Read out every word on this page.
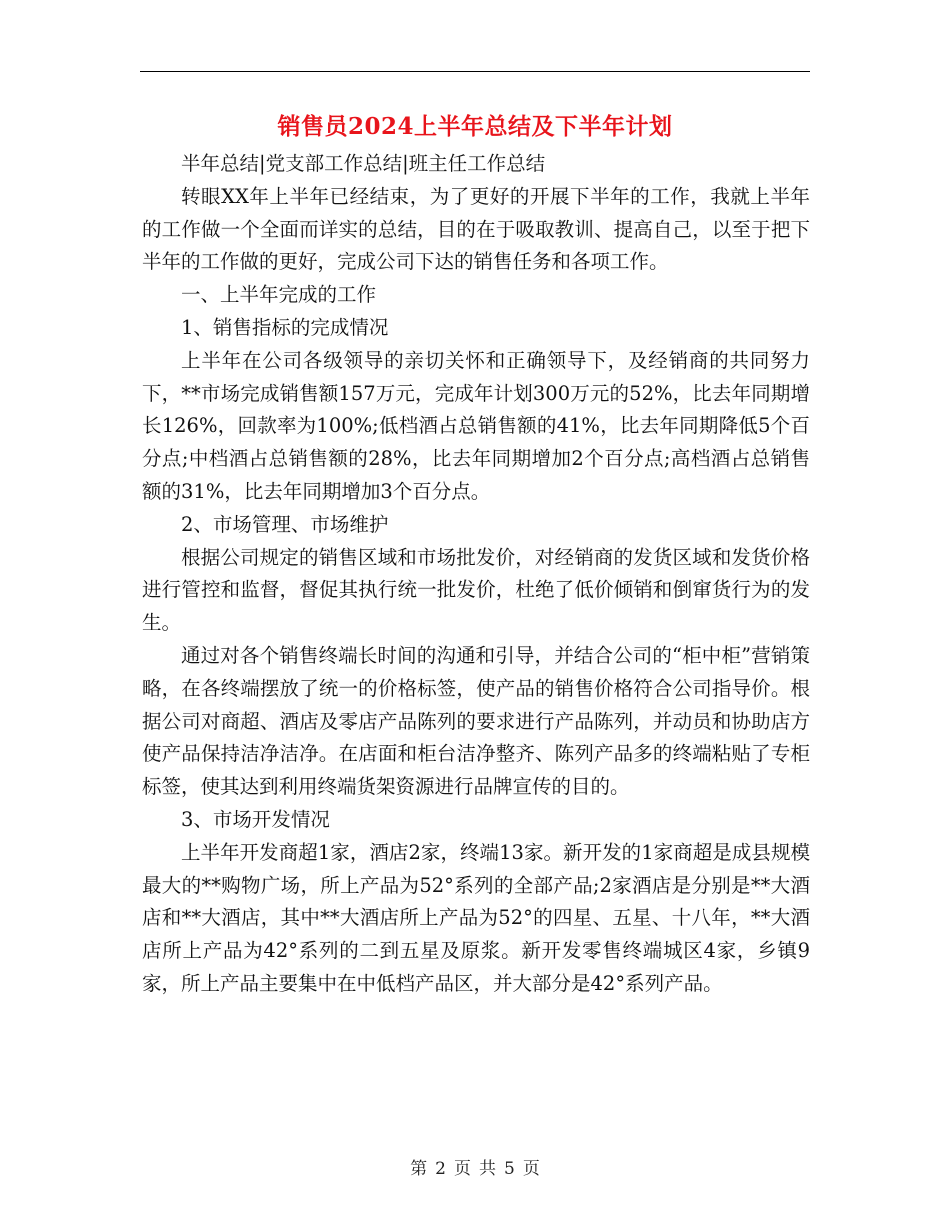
销售员2024上半年总结及下半年计划

半年总结|党支部工作总结|班主任工作总结

转眼XX年上半年已经结束，为了更好的开展下半年的工作，我就上半年的工作做一个全面而详实的总结，目的在于吸取教训、提高自己，以至于把下半年的工作做的更好，完成公司下达的销售任务和各项工作。

一、上半年完成的工作

1、销售指标的完成情况

上半年在公司各级领导的亲切关怀和正确领导下，及经销商的共同努力下，**市场完成销售额157万元，完成年计划300万元的52%，比去年同期增长126%，回款率为100%;低档酒占总销售额的41%，比去年同期降低5个百分点;中档酒占总销售额的28%，比去年同期增加2个百分点;高档酒占总销售额的31%，比去年同期增加3个百分点。

2、市场管理、市场维护

根据公司规定的销售区域和市场批发价，对经销商的发货区域和发货价格进行管控和监督，督促其执行统一批发价，杜绝了低价倾销和倒窜货行为的发生。

通过对各个销售终端长时间的沟通和引导，并结合公司的“柜中柜”营销策略，在各终端摆放了统一的价格标签，使产品的销售价格符合公司指导价。根据公司对商超、酒店及零店产品陈列的要求进行产品陈列，并动员和协助店方使产品保持洁净洁净。在店面和柜台洁净整齐、陈列产品多的终端粘贴了专柜标签，使其达到利用终端货架资源进行品牌宣传的目的。

3、市场开发情况

上半年开发商超1家，酒店2家，终端13家。新开发的1家商超是成县规模最大的**购物广场，所上产品为52°系列的全部产品;2家酒店是分别是**大酒店和**大酒店，其中**大酒店所上产品为52°的四星、五星、十八年，**大酒店所上产品为42°系列的二到五星及原浆。新开发零售终端城区4家，乡镇9家，所上产品主要集中在中低档产品区，并大部分是42°系列产品。

第 2 页 共 5 页
